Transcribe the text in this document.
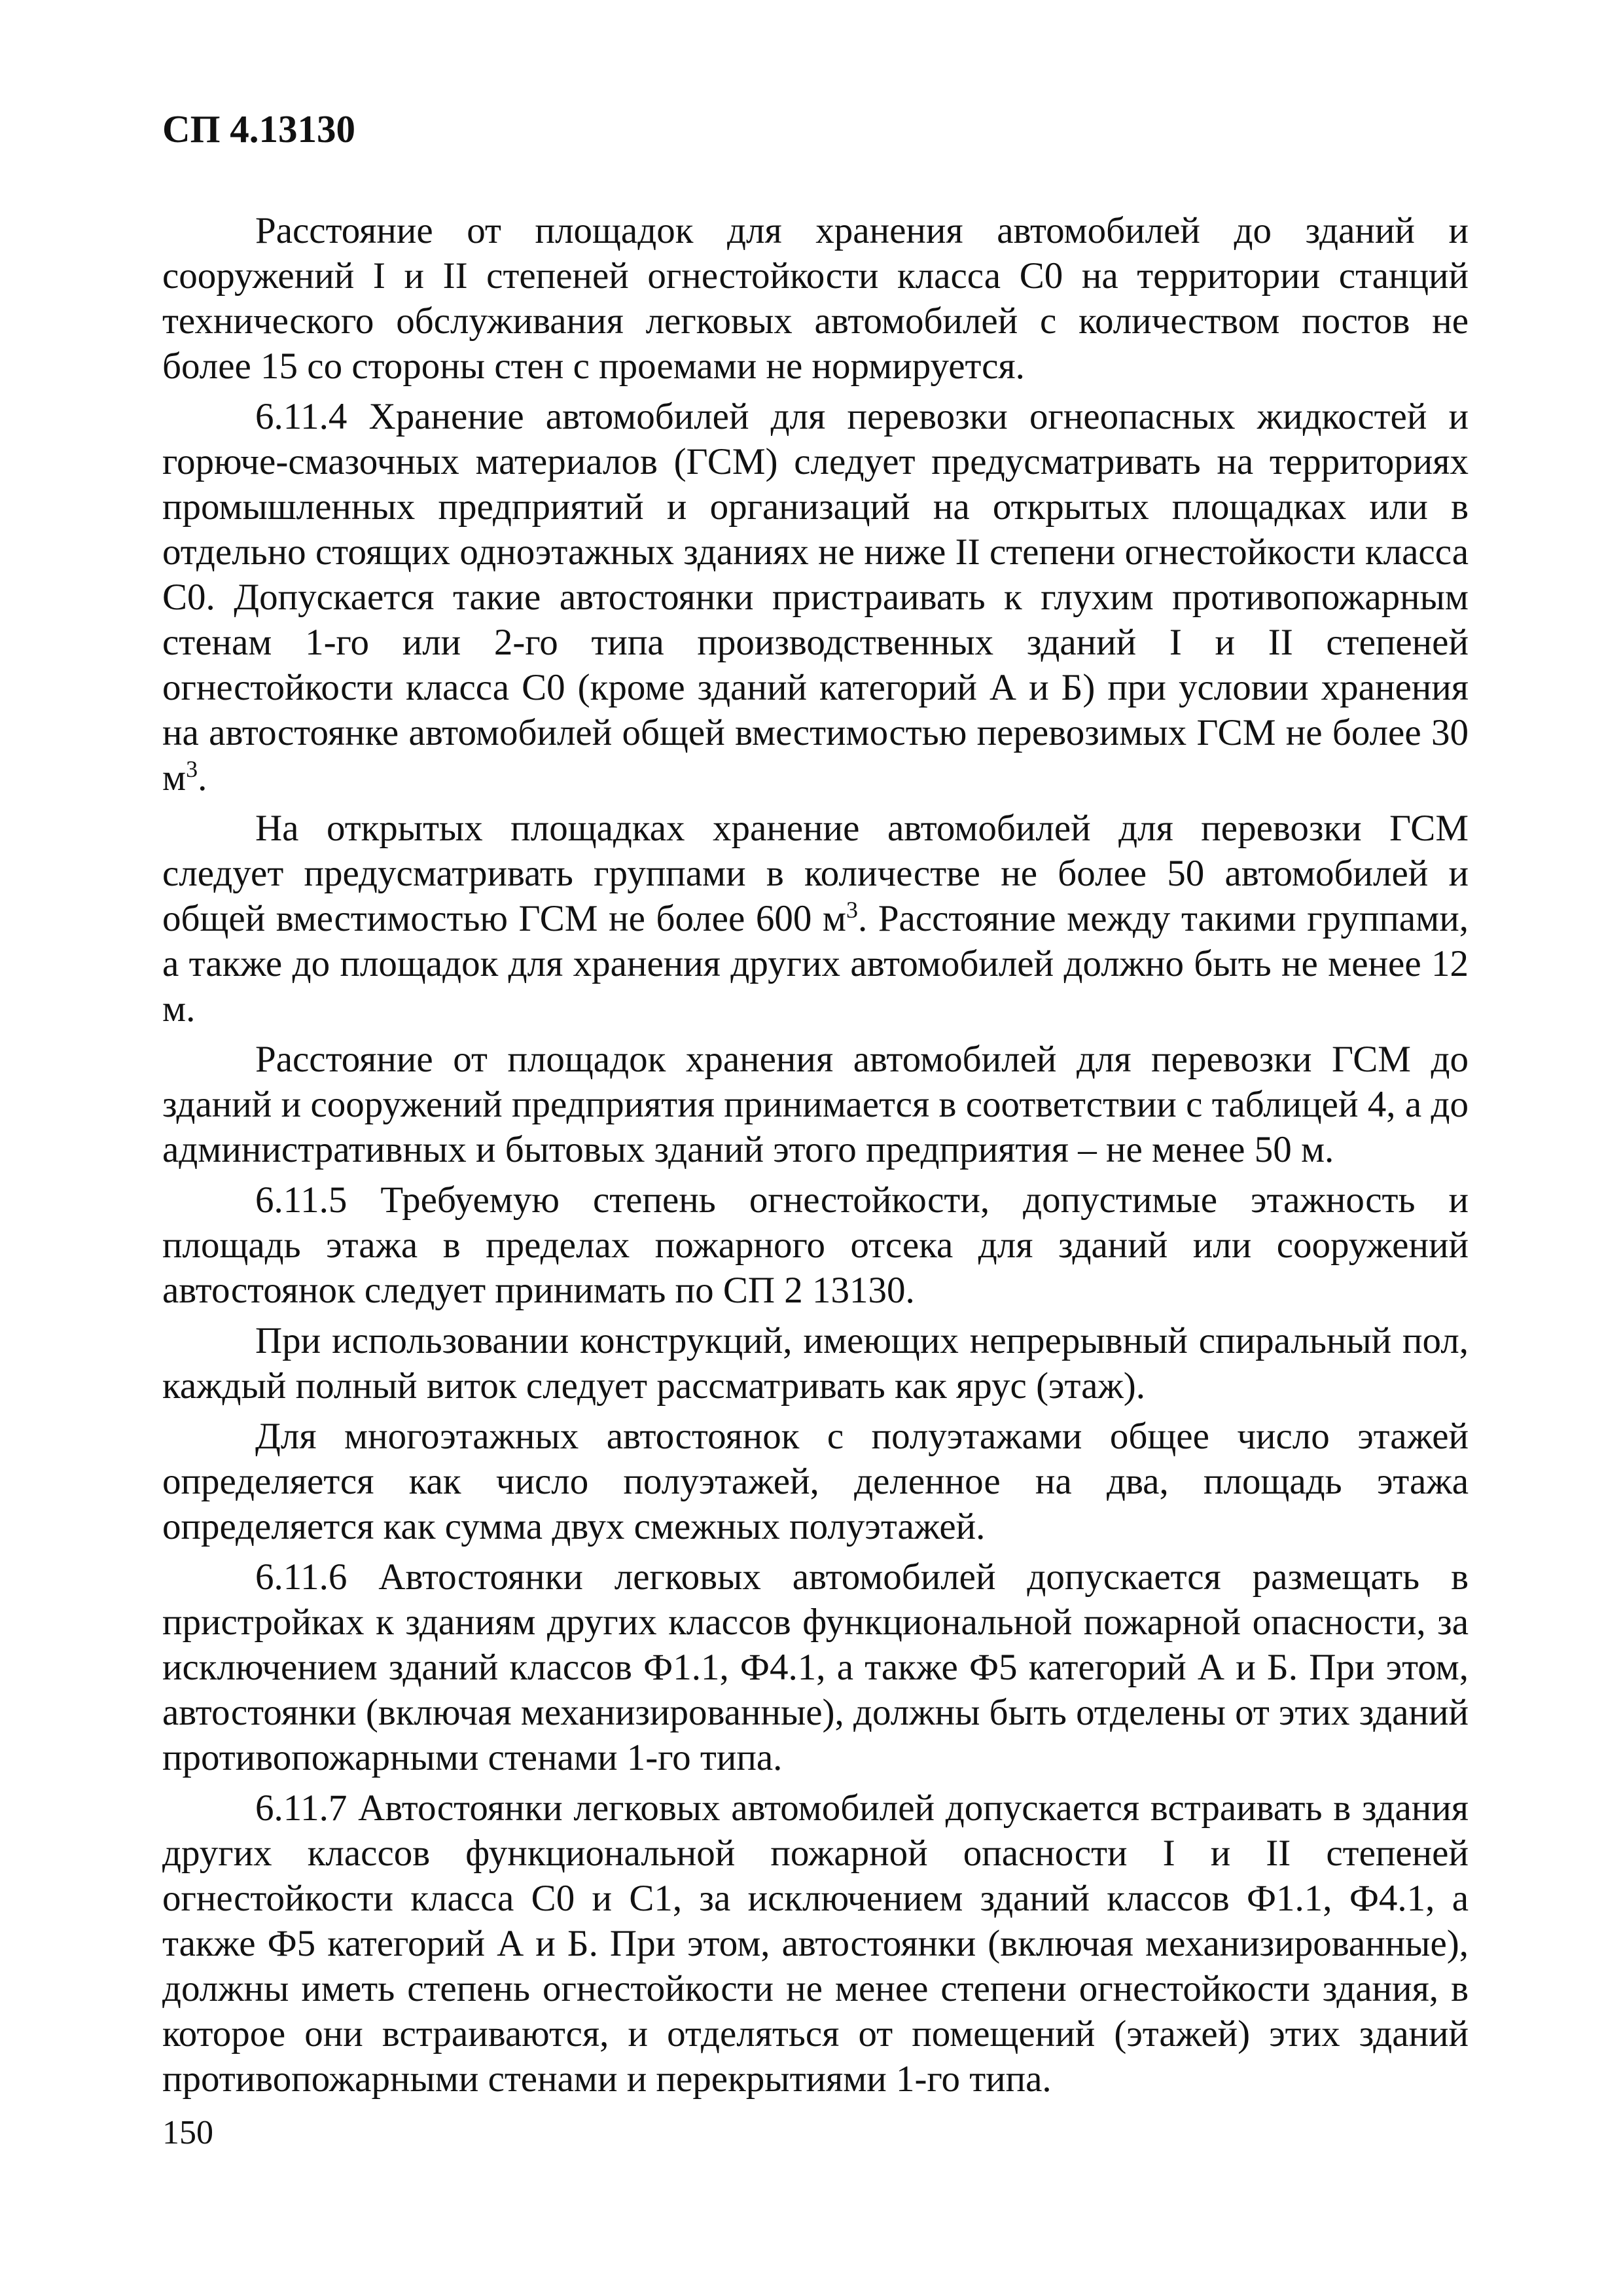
СП 4.13130

Расстояние от площадок для хранения автомобилей до зданий и сооружений I и II степеней огнестойкости класса С0 на территории станций технического обслуживания легковых автомобилей с количеством постов не более 15 со стороны стен с проемами не нормируется.

6.11.4 Хранение автомобилей для перевозки огнеопасных жидкостей и горюче-смазочных материалов (ГСМ) следует предусматривать на территориях промышленных предприятий и организаций на открытых площадках или в отдельно стоящих одноэтажных зданиях не ниже II степени огнестойкости класса С0. Допускается такие автостоянки пристраивать к глухим противопожарным стенам 1-го или 2-го типа производственных зданий I и II степеней огнестойкости класса С0 (кроме зданий категорий А и Б) при условии хранения на автостоянке автомобилей общей вместимостью перевозимых ГСМ не более 30 $м^3$.

На открытых площадках хранение автомобилей для перевозки ГСМ следует предусматривать группами в количестве не более 50 автомобилей и общей вместимостью ГСМ не более 600 $м^3$. Расстояние между такими группами, а также до площадок для хранения других автомобилей должно быть не менее 12 м.

Расстояние от площадок хранения автомобилей для перевозки ГСМ до зданий и сооружений предприятия принимается в соответствии с таблицей 4, а до административных и бытовых зданий этого предприятия – не менее 50 м.

6.11.5 Требуемую степень огнестойкости, допустимые этажность и площадь этажа в пределах пожарного отсека для зданий или сооружений автостоянок следует принимать по СП 2 13130.

При использовании конструкций, имеющих непрерывный спиральный пол, каждый полный виток следует рассматривать как ярус (этаж).

Для многоэтажных автостоянок с полуэтажами общее число этажей определяется как число полуэтажей, деленное на два, площадь этажа определяется как сумма двух смежных полуэтажей.

6.11.6 Автостоянки легковых автомобилей допускается размещать в пристройках к зданиям других классов функциональной пожарной опасности, за исключением зданий классов Ф1.1, Ф4.1, а также Ф5 категорий А и Б. При этом, автостоянки (включая механизированные), должны быть отделены от этих зданий противопожарными стенами 1-го типа.

6.11.7 Автостоянки легковых автомобилей допускается встраивать в здания других классов функциональной пожарной опасности I и II степеней огнестойкости класса С0 и С1, за исключением зданий классов Ф1.1, Ф4.1, а также Ф5 категорий А и Б. При этом, автостоянки (включая механизированные), должны иметь степень огнестойкости не менее степени огнестойкости здания, в которое они встраиваются, и отделяться от помещений (этажей) этих зданий противопожарными стенами и перекрытиями 1-го типа.

150
